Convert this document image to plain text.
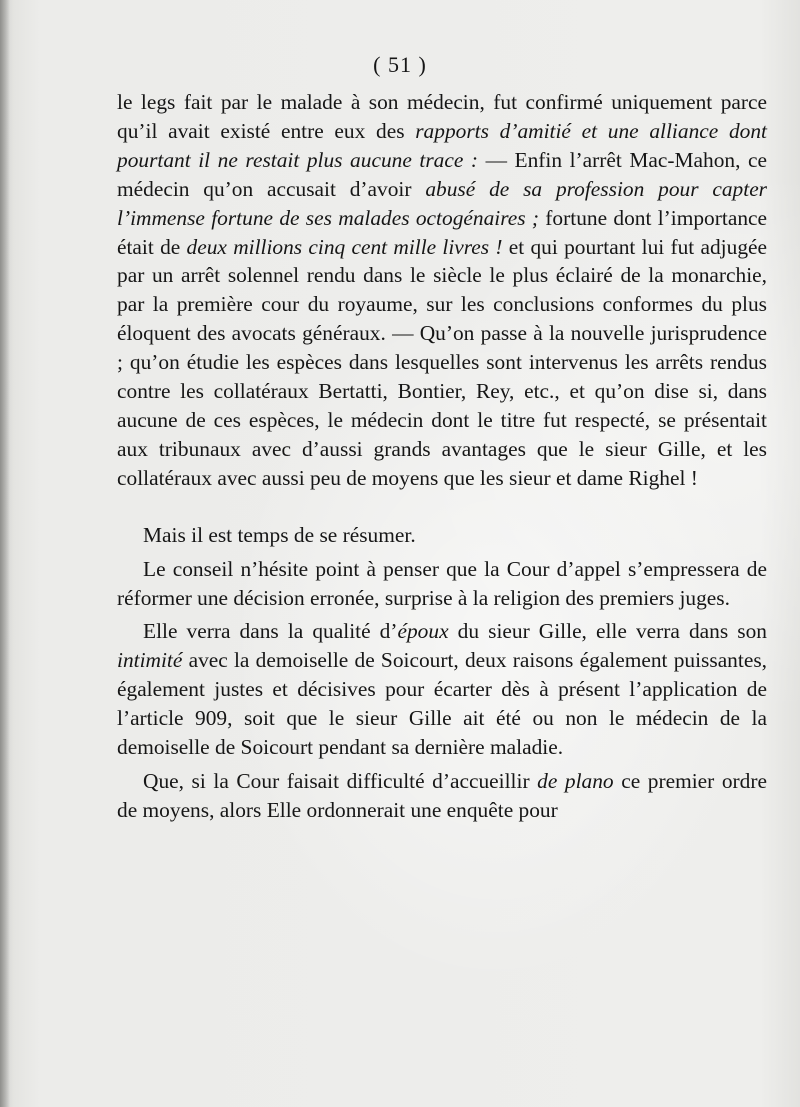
( 51 )

le legs fait par le malade à son médecin, fut confirmé uniquement parce qu’il avait existé entre eux des rapports d’amitié et une alliance dont pourtant il ne restait plus aucune trace : — Enfin l’arrêt Mac-Mahon, ce médecin qu’on accusait d’avoir abusé de sa profession pour capter l’immense fortune de ses malades octogénaires ; fortune dont l’importance était de deux millions cinq cent mille livres ! et qui pourtant lui fut adjugée par un arrêt solennel rendu dans le siècle le plus éclairé de la monarchie, par la première cour du royaume, sur les conclusions conformes du plus éloquent des avocats généraux. — Qu’on passe à la nouvelle jurisprudence ; qu’on étudie les espèces dans lesquelles sont intervenus les arrêts rendus contre les collatéraux Bertatti, Bontier, Rey, etc., et qu’on dise si, dans aucune de ces espèces, le médecin dont le titre fut respecté, se présentait aux tribunaux avec d’aussi grands avantages que le sieur Gille, et les collatéraux avec aussi peu de moyens que les sieur et dame Righel !

Mais il est temps de se résumer.

Le conseil n’hésite point à penser que la Cour d’appel s’empressera de réformer une décision erronée, surprise à la religion des premiers juges.

Elle verra dans la qualité d’époux du sieur Gille, elle verra dans son intimité avec la demoiselle de Soicourt, deux raisons également puissantes, également justes et décisives pour écarter dès à présent l’application de l’article 909, soit que le sieur Gille ait été ou non le médecin de la demoiselle de Soicourt pendant sa dernière maladie.

Que, si la Cour faisait difficulté d’accueillir de plano ce premier ordre de moyens, alors Elle ordonnerait une enquête pour
